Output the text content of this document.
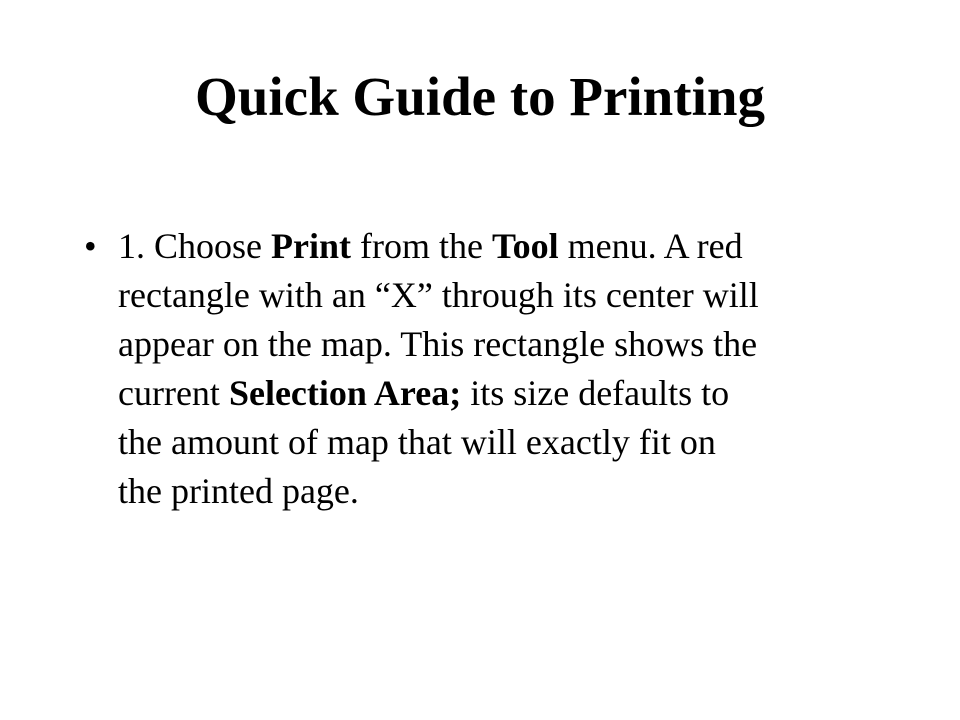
Quick Guide to Printing
• 1. Choose Print from the Tool menu. A red
rectangle with an “X” through its center will
appear on the map. This rectangle shows the
current Selection Area; its size defaults to
the amount of map that will exactly fit on
the printed page.
